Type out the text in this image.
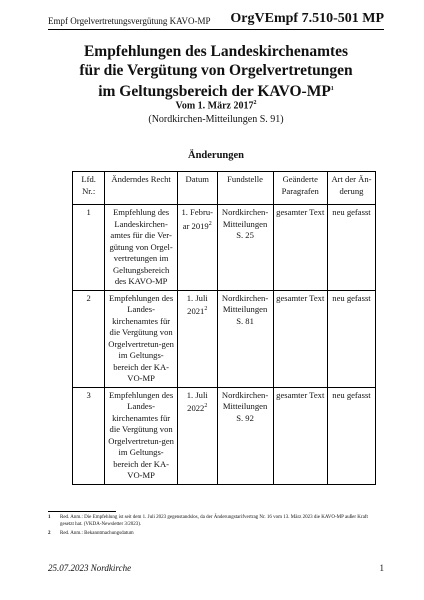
Empf Orgelvertretungsvergütung KAVO-MP OrgVEmpf 7.510-501 MP
Empfehlungen des Landeskirchenamtes
für die Vergütung von Orgelvertretungen
im Geltungsbereich der KAVO-$MP^1$
Vom 1. März 2017$^2$
(Nordkirchen-Mitteilungen S. 91)
Änderungen
Lfd. Nr.:	Änderndes Recht	Datum	Fundstelle	Geänderte Paragrafen	Art der Än-derung
1	Empfehlung des Landeskirchen-amtes für die Ver-gütung von Orgel-vertretungen im Geltungsbereich des KAVO-MP	1. Febru-ar 2019$^2$	Nordkirchen-Mitteilungen S. 25	gesamter Text	neu gefasst
2	Empfehlungen des Landes-kirchenamtes für die Vergütung von Orgelvertretun-gen im Geltungs-bereich der KA-VO-MP	1. Juli 2021$^2$	Nordkirchen-Mitteilungen S. 81	gesamter Text	neu gefasst
3	Empfehlungen des Landes-kirchenamtes für die Vergütung von Orgelvertretun-gen im Geltungs-bereich der KA-VO-MP	1. Juli 2022$^2$	Nordkirchen-Mitteilungen S. 92	gesamter Text	neu gefasst
1 Red. Anm.: Die Empfehlung ist seit dem 1. Juli 2023 gegenstandslos, da der Änderungstarifvertrag Nr. 16 vom 13. März 2023 die KAVO-MP außer Kraft gesetzt hat. (VKDA-Newsletter 3/2023).
2 Red. Anm.: Bekanntmachungsdatum
25.07.2023 Nordkirche	1
